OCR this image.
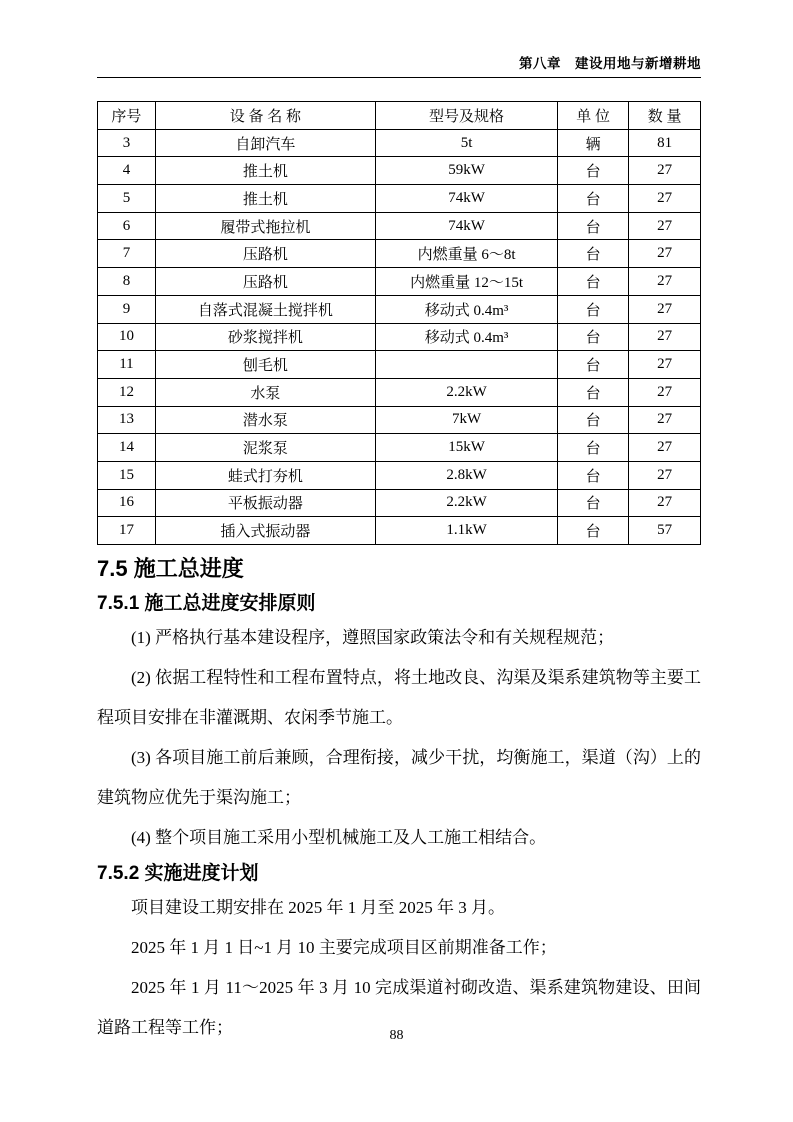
第八章　建设用地与新增耕地
序号	设 备 名 称	型号及规格	单 位	数 量
3	自卸汽车	5t	辆	81
4	推土机	59kW	台	27
5	推土机	74kW	台	27
6	履带式拖拉机	74kW	台	27
7	压路机	内燃重量 6～8t	台	27
8	压路机	内燃重量 12～15t	台	27
9	自落式混凝土搅拌机	移动式 0.4m³	台	27
10	砂浆搅拌机	移动式 0.4m³	台	27
11	刨毛机		台	27
12	水泵	2.2kW	台	27
13	潜水泵	7kW	台	27
14	泥浆泵	15kW	台	27
15	蛙式打夯机	2.8kW	台	27
16	平板振动器	2.2kW	台	27
17	插入式振动器	1.1kW	台	57
7.5 施工总进度
7.5.1 施工总进度安排原则

(1) 严格执行基本建设程序，遵照国家政策法令和有关规程规范；

(2) 依据工程特性和工程布置特点，将土地改良、沟渠及渠系建筑物等主要工程项目安排在非灌溉期、农闲季节施工。

(3) 各项目施工前后兼顾，合理衔接，减少干扰，均衡施工，渠道（沟）上的建筑物应优先于渠沟施工；

(4) 整个项目施工采用小型机械施工及人工施工相结合。

7.5.2 实施进度计划

项目建设工期安排在 2025 年 1 月至 2025 年 3 月。

2025 年 1 月 1 日~1 月 10 主要完成项目区前期准备工作；

2025 年 1 月 11～2025 年 3 月 10 完成渠道衬砌改造、渠系建筑物建设、田间道路工程等工作；	88
